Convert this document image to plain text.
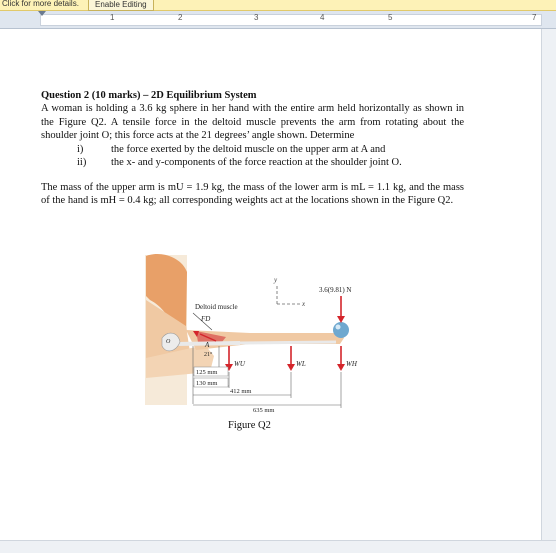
Click for more details.	Enable Editing
1	2	3	4	5	7

Question 2 (10 marks) – 2D Equilibrium System

A woman is holding a 3.6 kg sphere in her hand with the entire arm held horizontally as shown in the Figure Q2. A tensile force in the deltoid muscle prevents the arm from rotating about the shoulder joint O; this force acts at the 21 degrees’ angle shown. Determine

i)	the force exerted by the deltoid muscle on the upper arm at A and
ii) the x- and y-components of the force reaction at the shoulder joint O.

The mass of the upper arm is mU = 1.9 kg, the mass of the lower arm is mL = 1.1 kg, and the mass of the hand is mH = 0.4 kg; all corresponding weights act at the locations shown in the Figure Q2.

y
x
3.6(9.81) N
WU	WL	WH
Deltoid muscle
FD
A
21°
O
125 mm
130 mm
412 mm
635 mm
Figure Q2
